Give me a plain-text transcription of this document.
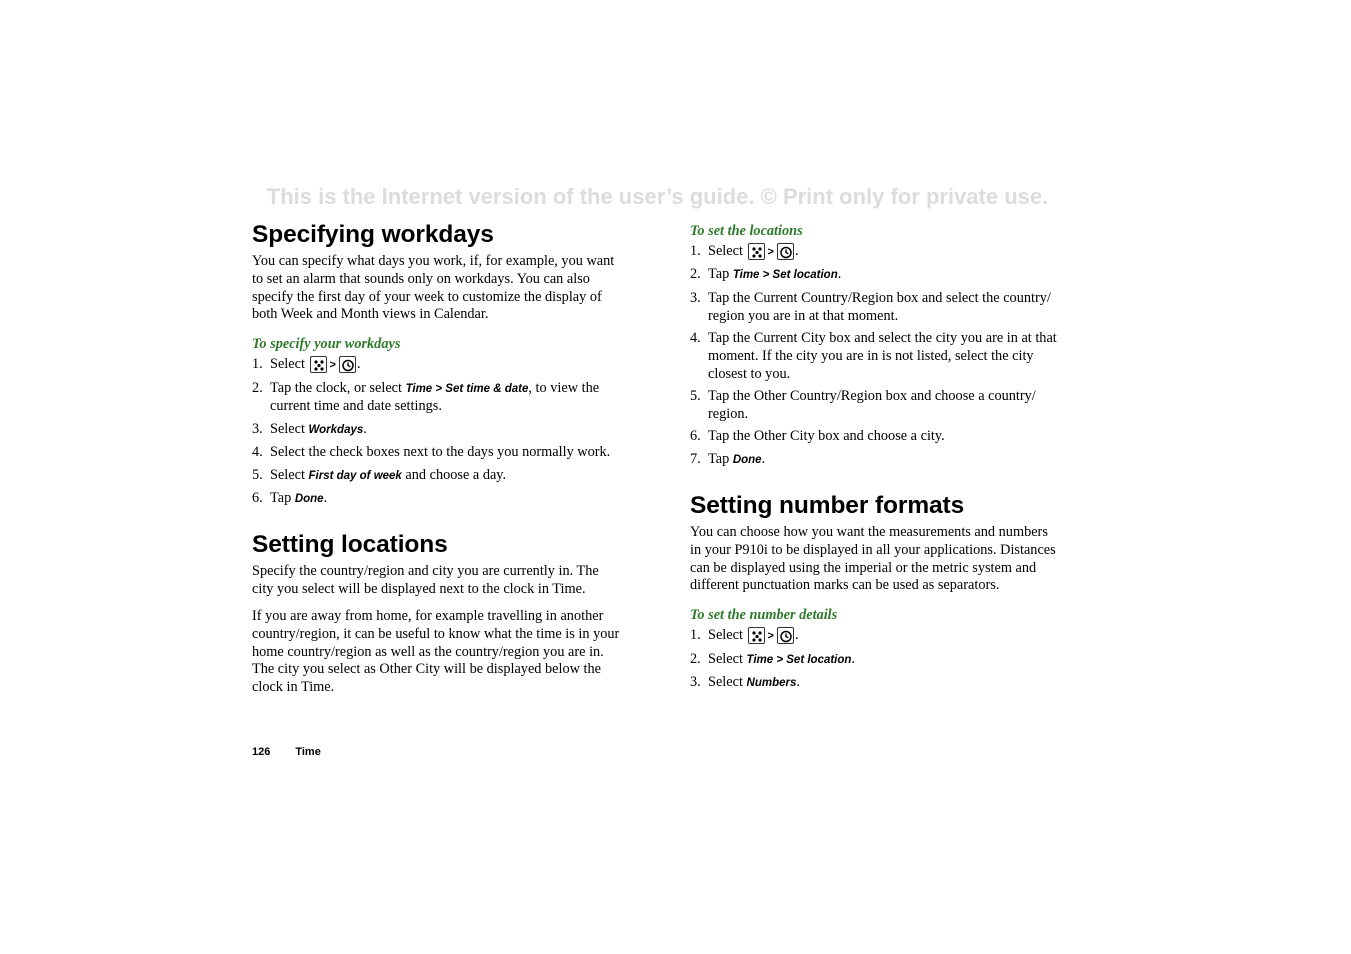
This is the Internet version of the user’s guide. © Print only for private use.
Specifying workdays

You can specify what days you work, if, for example, you want to set an alarm that sounds only on workdays. You can also specify the first day of your week to customize the display of both Week and Month views in Calendar.

To specify your workdays
1. Select > .
2. Tap the clock, or select Time > Set time & date, to view the current time and date settings.
3. Select Workdays.
4. Select the check boxes next to the days you normally work.
5. Select First day of week and choose a day.
6. Tap Done.
Setting locations

Specify the country/region and city you are currently in. The city you select will be displayed next to the clock in Time.

If you are away from home, for example travelling in another country/region, it can be useful to know what the time is in your home country/region as well as the country/region you are in. The city you select as Other City will be displayed below the clock in Time.

To set the locations
1. Select > .
2. Tap Time > Set location.
3. Tap the Current Country/Region box and select the country/ region you are in at that moment.
4. Tap the Current City box and select the city you are in at that moment. If the city you are in is not listed, select the city closest to you.
5. Tap the Other Country/Region box and choose a country/ region.
6. Tap the Other City box and choose a city.
7. Tap Done.
Setting number formats

You can choose how you want the measurements and numbers in your P910i to be displayed in all your applications. Distances can be displayed using the imperial or the metric system and different punctuation marks can be used as separators.

To set the number details
1. Select > .
2. Select Time > Set location.
3. Select Numbers.
126 Time
